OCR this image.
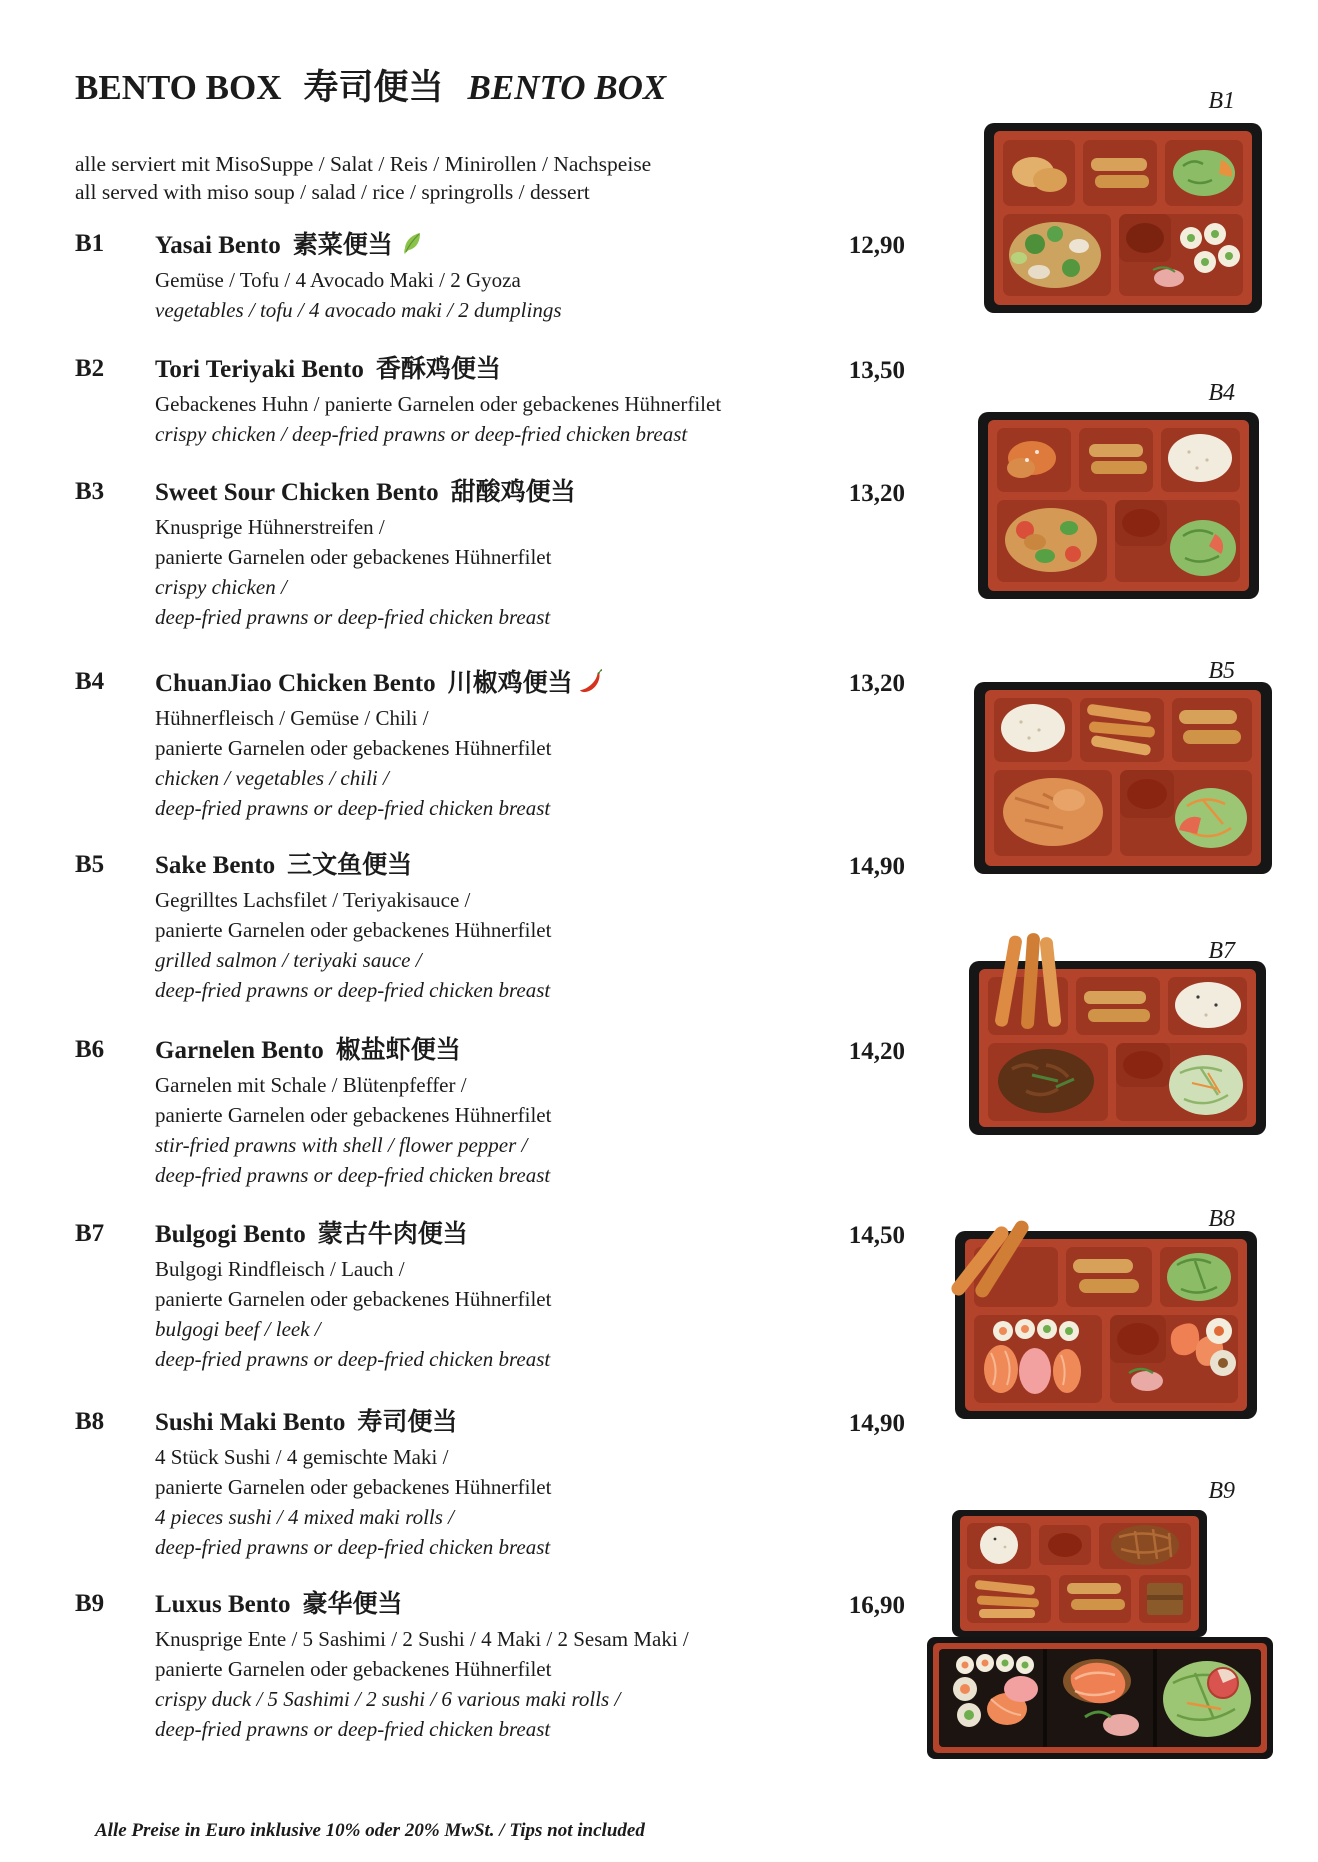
BENTO BOX 寿司便当 BENTO BOX
alle serviert mit MisoSuppe / Salat / Reis / Minirollen / Nachspeise
all served with miso soup / salad / rice / springrolls / dessert
B1 Yasai Bento 素菜便当
Gemüse / Tofu / 4 Avocado Maki / 2 Gyoza
vegetables / tofu / 4 avocado maki / 2 dumplings
12,90
B2 Tori Teriyaki Bento 香酥鸡便当
Gebackenes Huhn / panierte Garnelen oder gebackenes Hühnerfilet
crispy chicken / deep-fried prawns or deep-fried chicken breast
13,50
B3 Sweet Sour Chicken Bento 甜酸鸡便当
Knusprige Hühnerstreifen /
panierte Garnelen oder gebackenes Hühnerfilet
crispy chicken /
deep-fried prawns or deep-fried chicken breast
13,20
B4 ChuanJiao Chicken Bento 川椒鸡便当
Hühnerfleisch / Gemüse / Chili /
panierte Garnelen oder gebackenes Hühnerfilet
chicken / vegetables / chili /
deep-fried prawns or deep-fried chicken breast
13,20
B5 Sake Bento 三文鱼便当
Gegrilltes Lachsfilet / Teriyakisauce /
panierte Garnelen oder gebackenes Hühnerfilet
grilled salmon / teriyaki sauce /
deep-fried prawns or deep-fried chicken breast
14,90
B6 Garnelen Bento 椒盐虾便当
Garnelen mit Schale / Blütenpfeffer /
panierte Garnelen oder gebackenes Hühnerfilet
stir-fried prawns with shell / flower pepper /
deep-fried prawns or deep-fried chicken breast
14,20
B7 Bulgogi Bento 蒙古牛肉便当
Bulgogi Rindfleisch / Lauch /
panierte Garnelen oder gebackenes Hühnerfilet
bulgogi beef / leek /
deep-fried prawns or deep-fried chicken breast
14,50
B8 Sushi Maki Bento 寿司便当
4 Stück Sushi / 4 gemischte Maki /
panierte Garnelen oder gebackenes Hühnerfilet
4 pieces sushi / 4 mixed maki rolls /
deep-fried prawns or deep-fried chicken breast
14,90
B9 Luxus Bento 豪华便当
Knusprige Ente / 5 Sashimi / 2 Sushi / 4 Maki / 2 Sesam Maki /
panierte Garnelen oder gebackenes Hühnerfilet
crispy duck / 5 Sashimi / 2 sushi / 6 various maki rolls /
deep-fried prawns or deep-fried chicken breast
16,90
B1
B4
B5
B7
B8
B9
Alle Preise in Euro inklusive 10% oder 20% MwSt. / Tips not included
